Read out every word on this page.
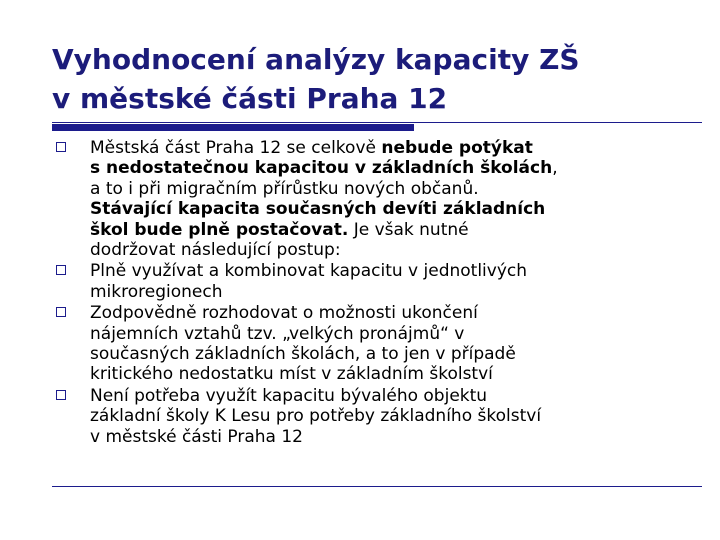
Vyhodnocení analýzy kapacity ZŠ
v městské části Praha 12
Městská část Praha 12 se celkově nebude potýkat
s nedostatečnou kapacitou v základních školách,
a to i při migračním přírůstku nových občanů.
Stávající kapacita současných devíti základních
škol bude plně postačovat. Je však nutné
dodržovat následující postup:
Plně využívat a kombinovat kapacitu v jednotlivých
mikroregionech
Zodpovědně rozhodovat o možnosti ukončení
nájemních vztahů tzv. „velkých pronájmů“ v
současných základních školách, a to jen v případě
kritického nedostatku míst v základním školství
Není potřeba využít kapacitu bývalého objektu
základní školy K Lesu pro potřeby základního školství
v městské části Praha 12
